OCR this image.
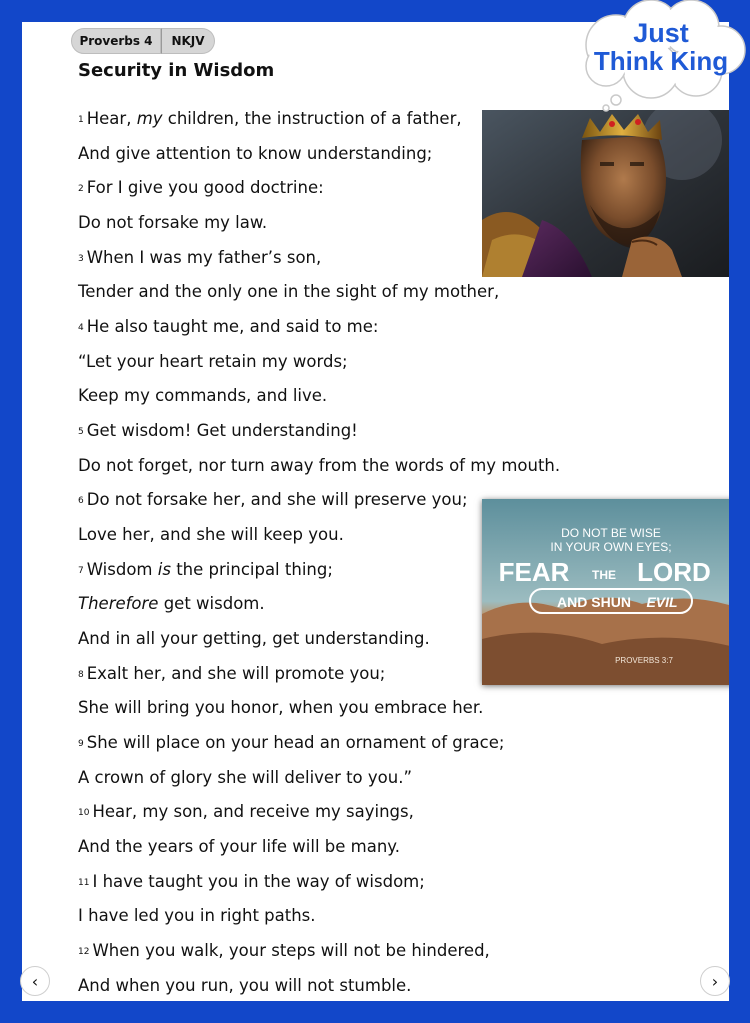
Proverbs 4 NKJV
Security in Wisdom
$^1$ Hear, my children, the instruction of a father,
And give attention to know understanding;
$^2$ For I give you good doctrine:
Do not forsake my law.
$^3$ When I was my father’s son,
Tender and the only one in the sight of my mother,
$^4$ He also taught me, and said to me:
“Let your heart retain my words;
Keep my commands, and live.
$^5$ Get wisdom! Get understanding!
Do not forget, nor turn away from the words of my mouth.
$^6$ Do not forsake her, and she will preserve you;
Love her, and she will keep you.
$^7$ Wisdom is the principal thing;
Therefore get wisdom.
And in all your getting, get understanding.
$^8$ Exalt her, and she will promote you;
She will bring you honor, when you embrace her.
$^9$ She will place on your head an ornament of grace;
A crown of glory she will deliver to you.”
$^{10}$ Hear, my son, and receive my sayings,
And the years of your life will be many.
$^{11}$ I have taught you in the way of wisdom;
I have led you in right paths.
$^{12}$ When you walk, your steps will not be hindered,
And when you run, you will not stumble.
DO NOT BE WISE
IN YOUR OWN EYES;
FEAR THE LORD
AND SHUN EVIL
PROVERBS 3:7
Just
Think King
‹	›
